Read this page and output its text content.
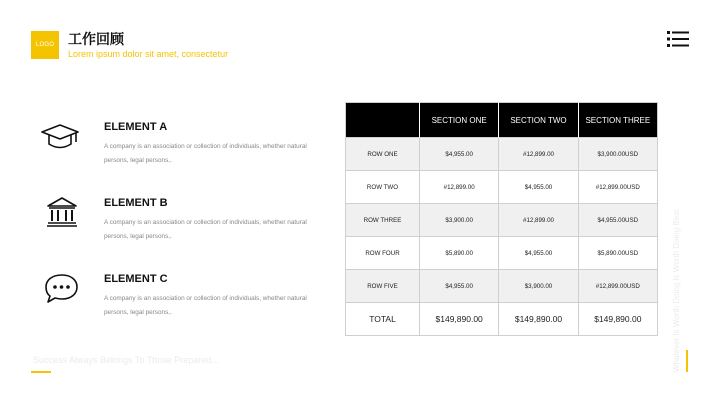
LOGO 工作回顾
Lorem ipsum dolor sit amet, consectetur
ELEMENT A
A company is an association or collection of individuals, whether natural persons, legal persons,.
ELEMENT B
A company is an association or collection of individuals, whether natural persons, legal persons,.
ELEMENT C
A company is an association or collection of individuals, whether natural persons, legal persons,.
	SECTION ONE	SECTION TWO	SECTION THREE
ROW ONE	$4,955.00	#12,899.00	$3,900.00USD
ROW TWO	#12,899.00	$4,955.00	#12,899.00USD
ROW THREE	$3,900.00	#12,899.00	$4,955.00USD
ROW FOUR	$5,890.00	$4,955.00	$5,890.00USD
ROW FIVE	$4,955.00	$3,900.00	#12,899.00USD
TOTAL	$149,890.00	$149,890.00	$149,890.00
Success Always Belongs To Those Prepared...	Whatever Is Worth Doing Is Worth Doing Best
